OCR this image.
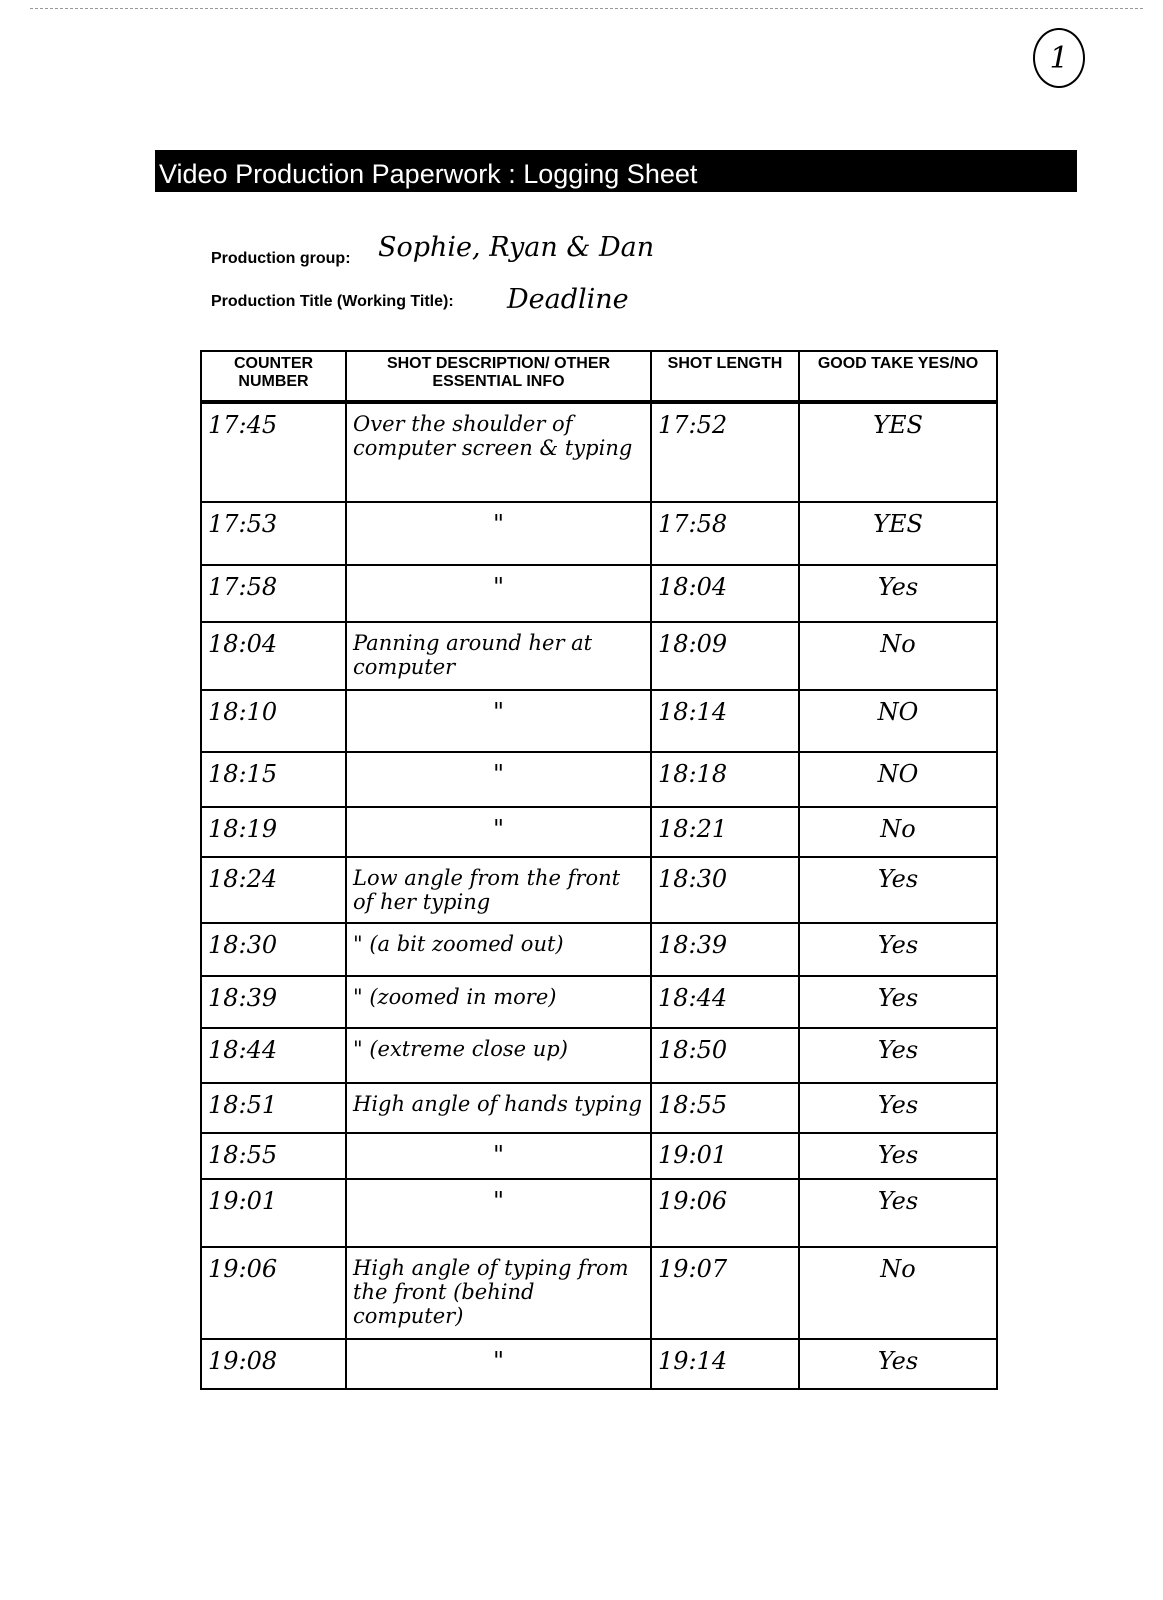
1
Video Production Paperwork : Logging Sheet
Production group: Sophie, Ryan & Dan
Production Title (Working Title): Deadline
COUNTER NUMBER	SHOT DESCRIPTION/ OTHER ESSENTIAL INFO	SHOT LENGTH	GOOD TAKE YES/NO
17:45	Over the shoulder of computer screen & typing	17:52	YES
17:53	"	17:58	YES
17:58	"	18:04	Yes
18:04	Panning around her at computer	18:09	No
18:10	"	18:14	NO
18:15	"	18:18	NO
18:19	"	18:21	No
18:24	Low angle from the front of her typing	18:30	Yes
18:30	" (a bit zoomed out)	18:39	Yes
18:39	" (zoomed in more)	18:44	Yes
18:44	" (extreme close up)	18:50	Yes
18:51	High angle of hands typing	18:55	Yes
18:55	"	19:01	Yes
19:01	"	19:06	Yes
19:06	High angle of typing from the front (behind computer)	19:07	No
19:08	"	19:14	Yes
